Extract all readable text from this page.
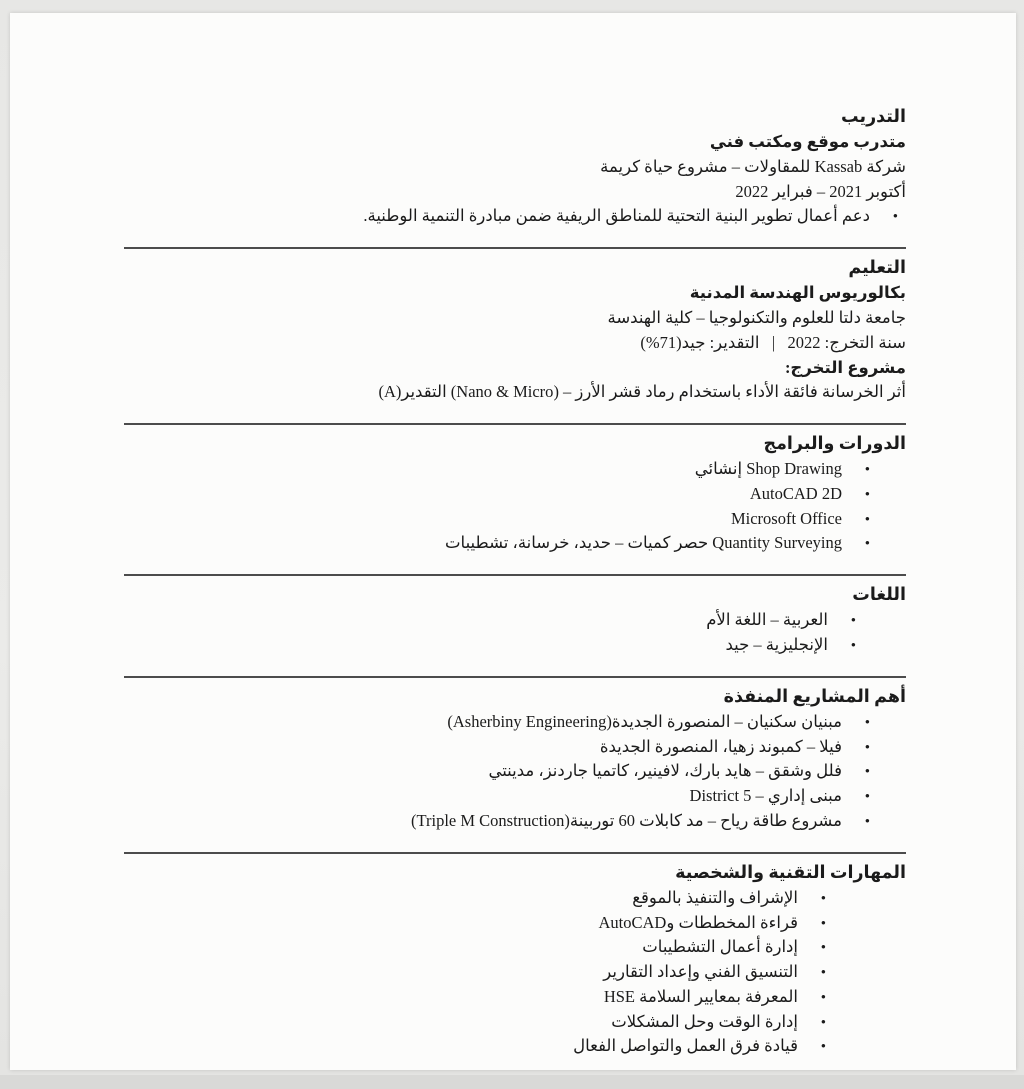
التدريب
متدرب موقع ومكتب فني
شركة Kassab للمقاولات – مشروع حياة كريمة
أكتوبر 2021 – فبراير 2022
•
دعم أعمال تطوير البنية التحتية للمناطق الريفية ضمن مبادرة التنمية الوطنية.
التعليم
بكالوريوس الهندسة المدنية
جامعة دلتا للعلوم والتكنولوجيا – كلية الهندسة
سنة التخرج: 2022   |   التقدير: جيد(71%)
مشروع التخرج:
أثر الخرسانة فائقة الأداء باستخدام رماد قشر الأرز – (Nano & Micro) التقدير(A)
الدورات والبرامج
•
Shop Drawing إنشائي
•
AutoCAD 2D
•
Microsoft Office
•
Quantity Surveying حصر كميات – حديد، خرسانة، تشطيبات
اللغات
•
العربية – اللغة الأم
•
الإنجليزية – جيد
أهم المشاريع المنفذة
•
مبنيان سكنيان – المنصورة الجديدة(Asherbiny Engineering)
•
فيلا – كمبوند زهيا، المنصورة الجديدة
•
فلل وشقق – هايد بارك، لافينير، كاتميا جاردنز، مدينتي
•
مبنى إداري – District 5
•
مشروع طاقة رياح – مد كابلات 60 توربينة(Triple M Construction)
المهارات التقنية والشخصية
•
الإشراف والتنفيذ بالموقع
•
قراءة المخططات وAutoCAD
•
إدارة أعمال التشطيبات
•
التنسيق الفني وإعداد التقارير
•
المعرفة بمعايير السلامة HSE
•
إدارة الوقت وحل المشكلات
•
قيادة فرق العمل والتواصل الفعال
